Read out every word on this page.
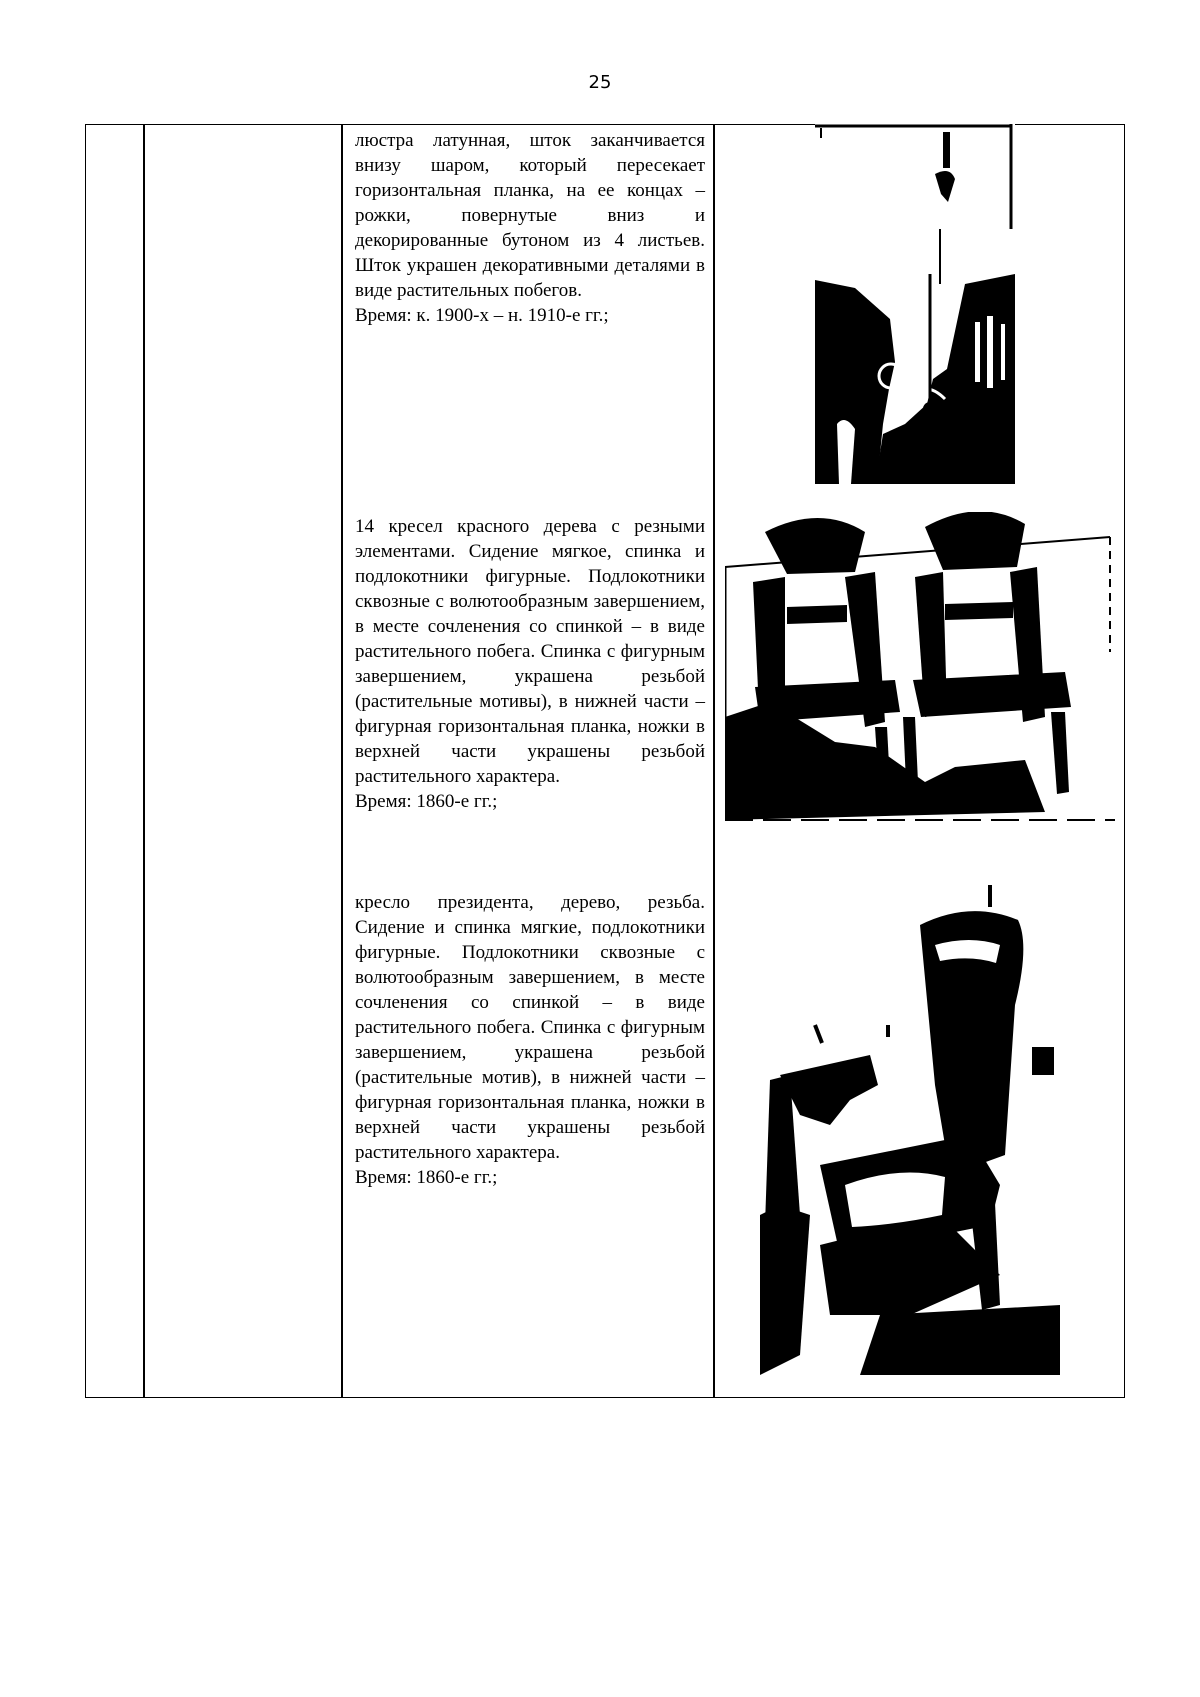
25

люстра латунная, шток заканчивается внизу шаром, который пересекает горизонтальная планка, на ее концах – рожки, повернутые вниз и декорированные бутоном из 4 листьев. Шток украшен декоративными деталями в виде растительных побегов.

Время: к. 1900-х – н. 1910-е гг.;

14 кресел красного дерева с резными элементами. Сидение мягкое, спинка и подлокотники фигурные. Подлокотники сквозные с волютообразным завершением, в месте сочленения со спинкой – в виде растительного побега. Спинка с фигурным завершением, украшена резьбой (растительные мотивы), в нижней части – фигурная горизонтальная планка, ножки в верхней части украшены резьбой растительного характера.

Время: 1860-е гг.;

кресло президента, дерево, резьба. Сидение и спинка мягкие, подлокотники фигурные. Подлокотники сквозные с волютообразным завершением, в месте сочленения со спинкой – в виде растительного побега. Спинка с фигурным завершением, украшена резьбой (растительные мотив), в нижней части – фигурная горизонтальная планка, ножки в верхней части украшены резьбой растительного характера.

Время: 1860-е гг.;
